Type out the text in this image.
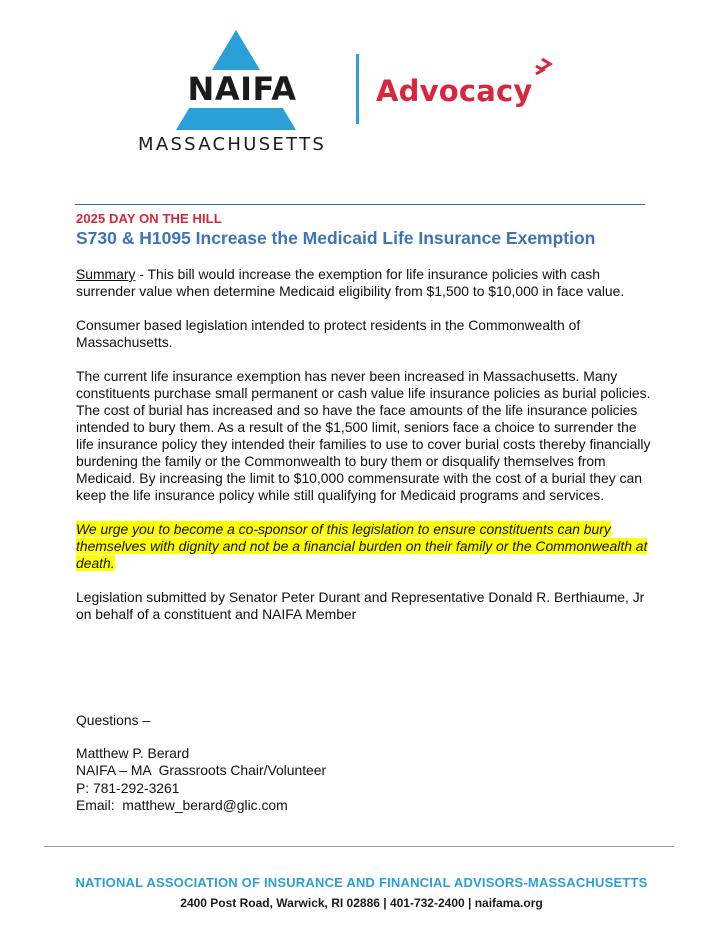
NAIFA
MASSACHUSETTS
Advocacy
2025 DAY ON THE HILL
S730 & H1095 Increase the Medicaid Life Insurance Exemption

Summary - This bill would increase the exemption for life insurance policies with cash surrender value when determine Medicaid eligibility from $1,500 to $10,000 in face value.

Consumer based legislation intended to protect residents in the Commonwealth of Massachusetts.

The current life insurance exemption has never been increased in Massachusetts. Many constituents purchase small permanent or cash value life insurance policies as burial policies. The cost of burial has increased and so have the face amounts of the life insurance policies intended to bury them. As a result of the $1,500 limit, seniors face a choice to surrender the life insurance policy they intended their families to use to cover burial costs thereby financially burdening the family or the Commonwealth to bury them or disqualify themselves from Medicaid. By increasing the limit to $10,000 commensurate with the cost of a burial they can keep the life insurance policy while still qualifying for Medicaid programs and services.

We urge you to become a co-sponsor of this legislation to ensure constituents can bury themselves with dignity and not be a financial burden on their family or the Commonwealth at death.

Legislation submitted by Senator Peter Durant and Representative Donald R. Berthiaume, Jr on behalf of a constituent and NAIFA Member

Questions –
Matthew P. Berard
NAIFA – MA  Grassroots Chair/Volunteer
P: 781-292-3261
Email:  matthew_berard@glic.com
NATIONAL ASSOCIATION OF INSURANCE AND FINANCIAL ADVISORS-MASSACHUSETTS
2400 Post Road, Warwick, RI 02886 | 401-732-2400 | naifama.org
